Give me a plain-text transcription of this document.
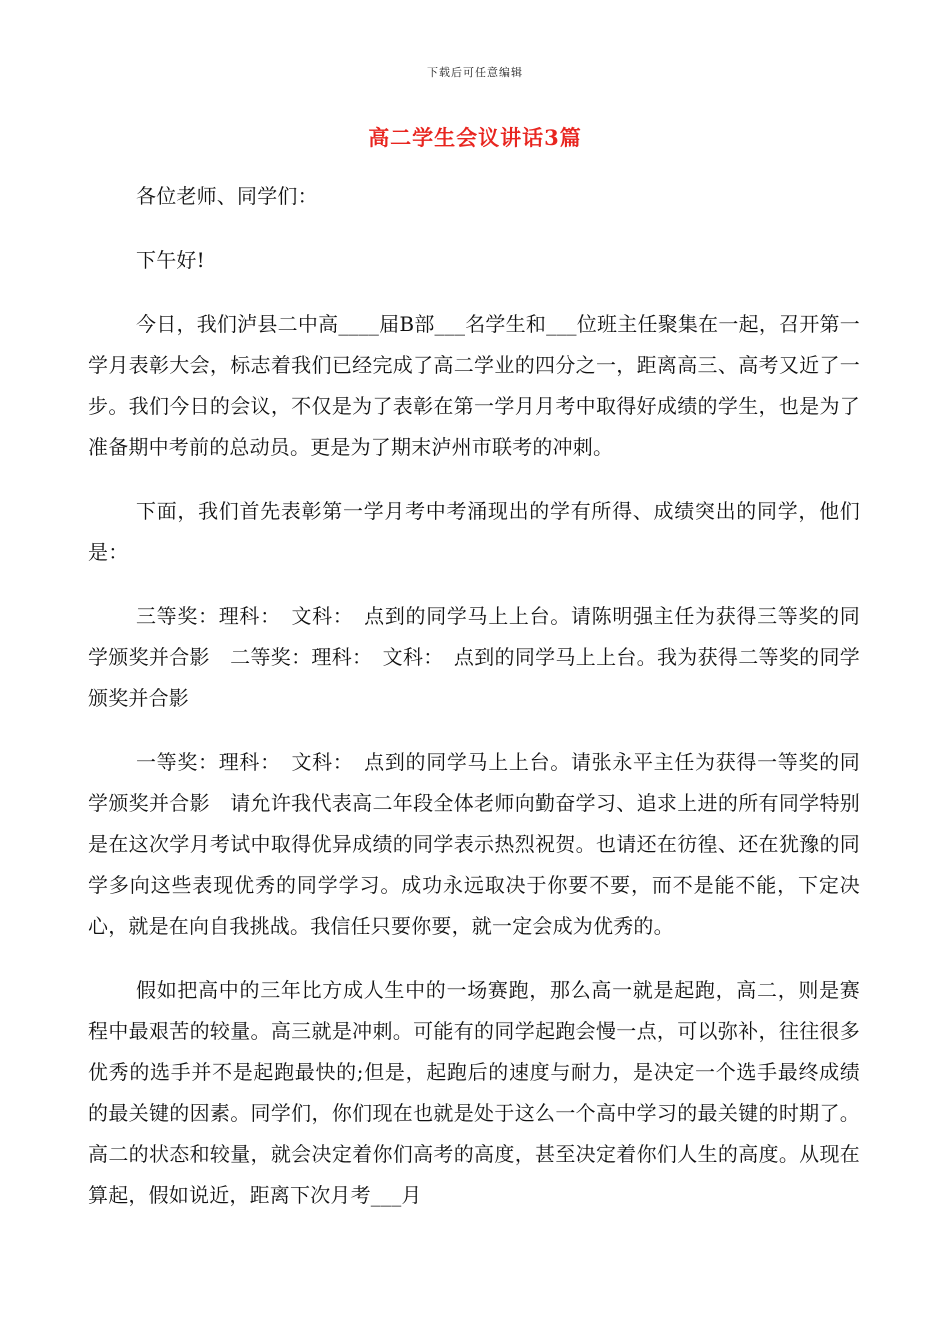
下载后可任意编辑
高二学生会议讲话3篇

各位老师、同学们：

下午好!

今日，我们泸县二中高____届B部___名学生和___位班主任聚集在一起，召开第一学月表彰大会，标志着我们已经完成了高二学业的四分之一，距离高三、高考又近了一步。我们今日的会议，不仅是为了表彰在第一学月月考中取得好成绩的学生，也是为了准备期中考前的总动员。更是为了期末泸州市联考的冲刺。

下面，我们首先表彰第一学月考中考涌现出的学有所得、成绩突出的同学，他们是：

三等奖：理科：　文科：　点到的同学马上上台。请陈明强主任为获得三等奖的同学颁奖并合影　二等奖：理科：　文科：　点到的同学马上上台。我为获得二等奖的同学颁奖并合影

一等奖：理科：　文科：　点到的同学马上上台。请张永平主任为获得一等奖的同学颁奖并合影　请允许我代表高二年段全体老师向勤奋学习、追求上进的所有同学特别是在这次学月考试中取得优异成绩的同学表示热烈祝贺。也请还在彷徨、还在犹豫的同学多向这些表现优秀的同学学习。成功永远取决于你要不要，而不是能不能，下定决心，就是在向自我挑战。我信任只要你要，就一定会成为优秀的。

假如把高中的三年比方成人生中的一场赛跑，那么高一就是起跑，高二，则是赛程中最艰苦的较量。高三就是冲刺。可能有的同学起跑会慢一点，可以弥补，往往很多优秀的选手并不是起跑最快的;但是，起跑后的速度与耐力，是决定一个选手最终成绩的最关键的因素。同学们，你们现在也就是处于这么一个高中学习的最关键的时期了。高二的状态和较量，就会决定着你们高考的高度，甚至决定着你们人生的高度。从现在算起，假如说近，距离下次月考___月
